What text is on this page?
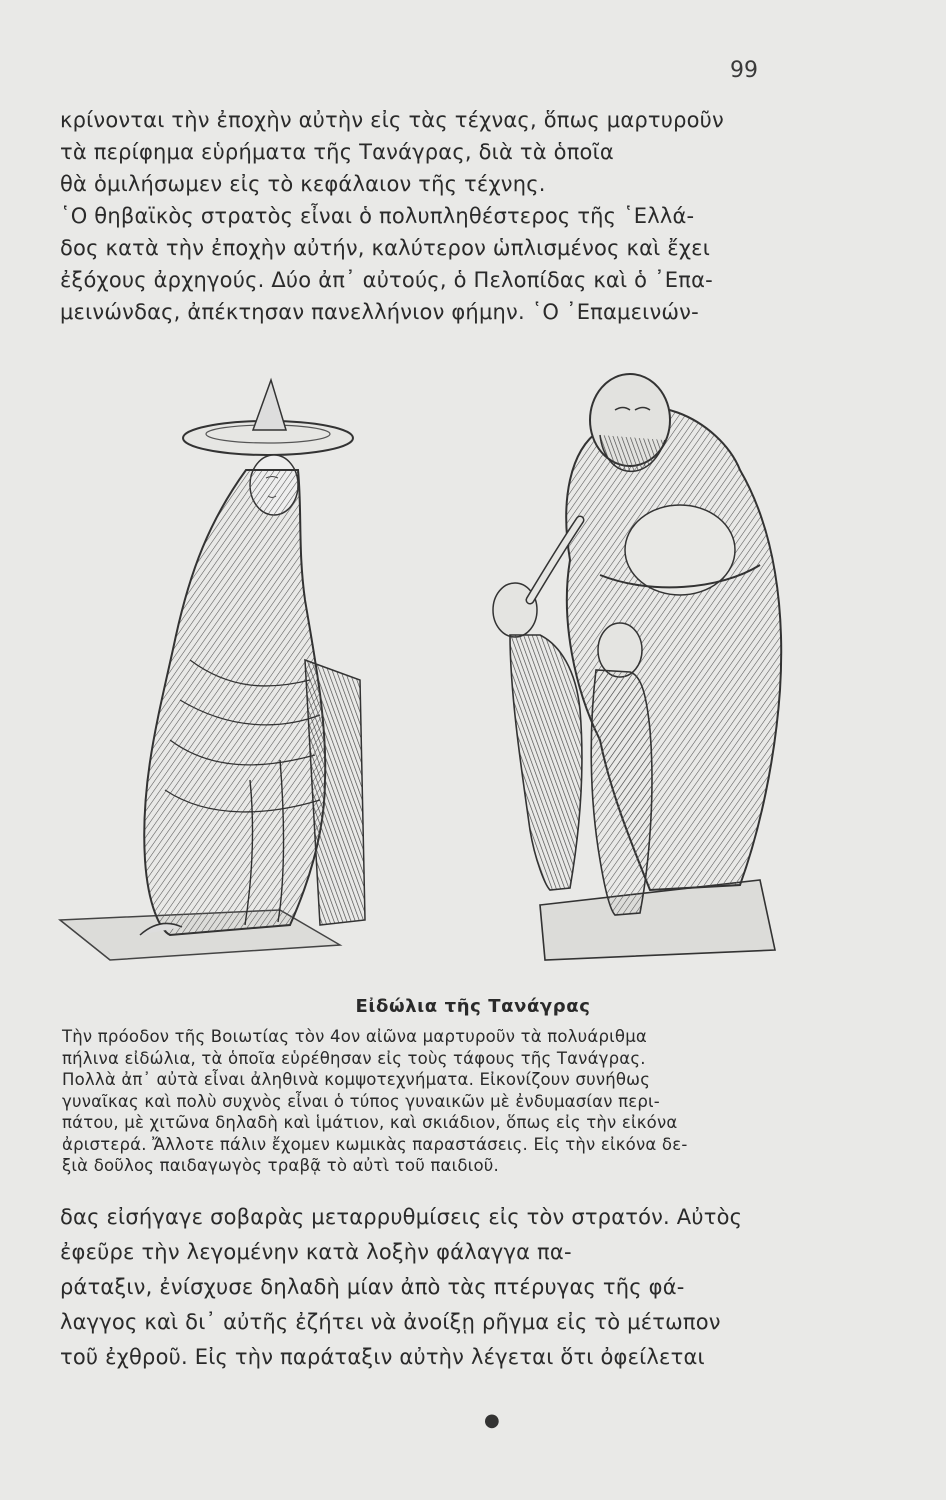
99
κρίνονται τὴν ἐποχὴν αὐτὴν εἰς τὰς τέχνας, ὅπως μαρτυροῦν
τὰ περίφημα εὑρήματα τῆς Τανάγρας, διὰ τὰ ὁποῖα
θὰ ὁμιλήσωμεν εἰς τὸ κεφάλαιον τῆς τέχνης.
῾Ο θηβαϊκὸς στρατὸς εἶναι ὁ πολυπληθέστερος τῆς ῾Ελλά-
δος κατὰ τὴν ἐποχὴν αὐτήν, καλύτερον ὡπλισμένος καὶ ἔχει
ἐξόχους ἀρχηγούς. Δύο ἀπ᾽ αὐτούς, ὁ Πελοπίδας καὶ ὁ ᾽Επα-
μεινώνδας, ἀπέκτησαν πανελλήνιον φήμην. ῾Ο ᾽Επαμεινών-
Εἰδώλια τῆς Τανάγρας
Τὴν πρόοδον τῆς Βοιωτίας τὸν 4ον αἰῶνα μαρτυροῦν τὰ πολυάριθμα
πήλινα εἰδώλια, τὰ ὁποῖα εὑρέθησαν εἰς τοὺς τάφους τῆς Τανάγρας.
Πολλὰ ἀπ᾽ αὐτὰ εἶναι ἀληθινὰ κομψοτεχνήματα. Εἰκονίζουν συνήθως
γυναῖκας καὶ πολὺ συχνὸς εἶναι ὁ τύπος γυναικῶν μὲ ἐνδυμασίαν περι-
πάτου, μὲ χιτῶνα δηλαδὴ καὶ ἱμάτιον, καὶ σκιάδιον, ὅπως εἰς τὴν εἰκόνα
ἀριστερά. Ἄλλοτε πάλιν ἔχομεν κωμικὰς παραστάσεις. Εἰς τὴν εἰκόνα δε-
ξιὰ δοῦλος παιδαγωγὸς τραβᾷ τὸ αὐτὶ τοῦ παιδιοῦ.
δας εἰσήγαγε σοβαρὰς μεταρρυθμίσεις εἰς τὸν στρατόν. Αὐτὸς
ἐφεῦρε τὴν λεγομένην κατὰ λοξὴν φάλαγγα πα-
ράταξιν, ἐνίσχυσε δηλαδὴ μίαν ἀπὸ τὰς πτέρυγας τῆς φά-
λαγγος καὶ δι᾽ αὐτῆς ἐζήτει νὰ ἀνοίξῃ ρῆγμα εἰς τὸ μέτωπον
τοῦ ἐχθροῦ. Εἰς τὴν παράταξιν αὐτὴν λέγεται ὅτι ὀφείλεται
●
